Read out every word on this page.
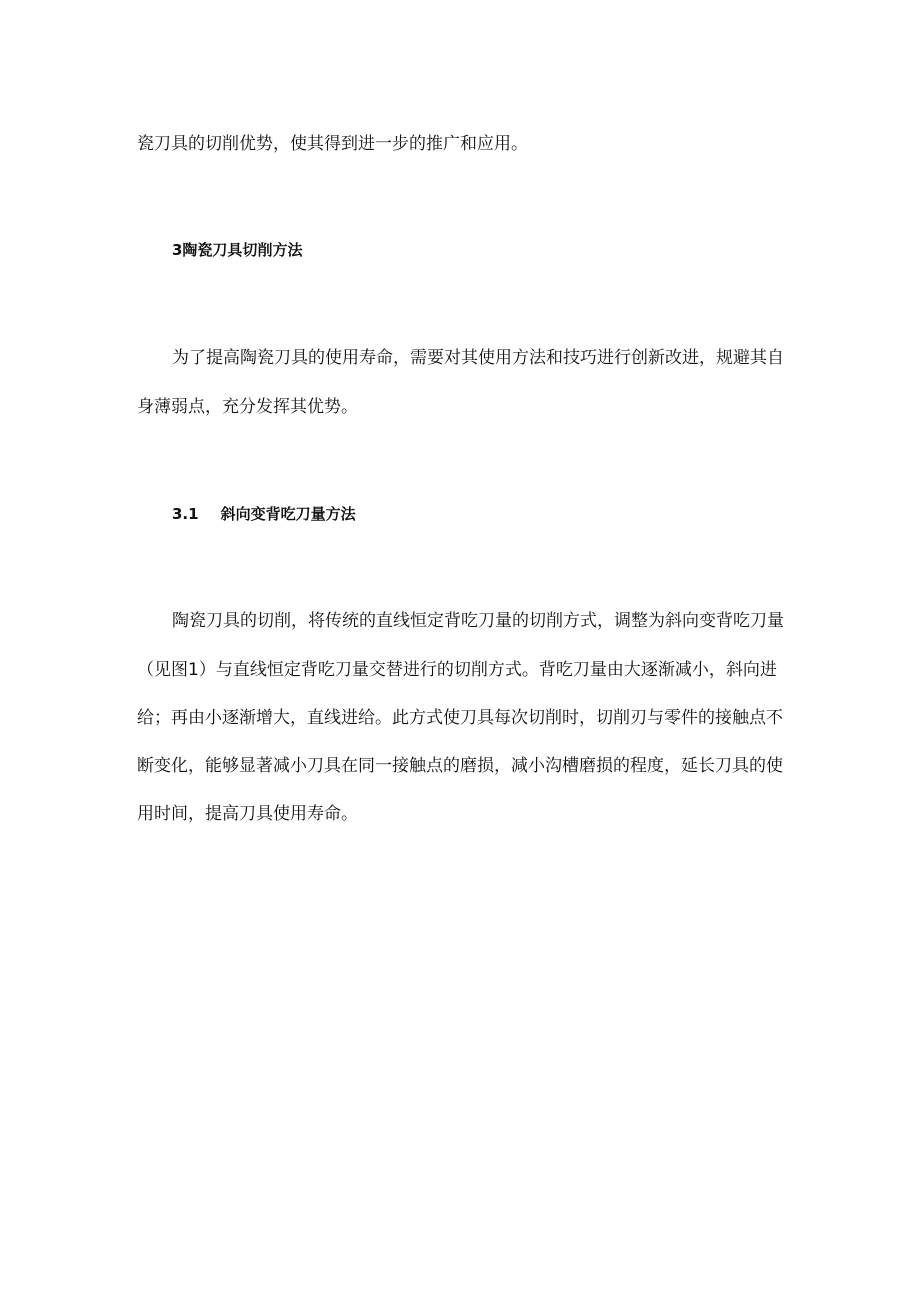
瓷刀具的切削优势，使其得到进一步的推广和应用。

3陶瓷刀具切削方法

为了提高陶瓷刀具的使用寿命，需要对其使用方法和技巧进行创新改进，规避其自

身薄弱点，充分发挥其优势。

3.1 斜向变背吃刀量方法

陶瓷刀具的切削，将传统的直线恒定背吃刀量的切削方式，调整为斜向变背吃刀量

（见图1）与直线恒定背吃刀量交替进行的切削方式。背吃刀量由大逐渐减小，斜向进

给；再由小逐渐增大，直线进给。此方式使刀具每次切削时，切削刃与零件的接触点不

断变化，能够显著减小刀具在同一接触点的磨损，减小沟槽磨损的程度，延长刀具的使

用时间，提高刀具使用寿命。
